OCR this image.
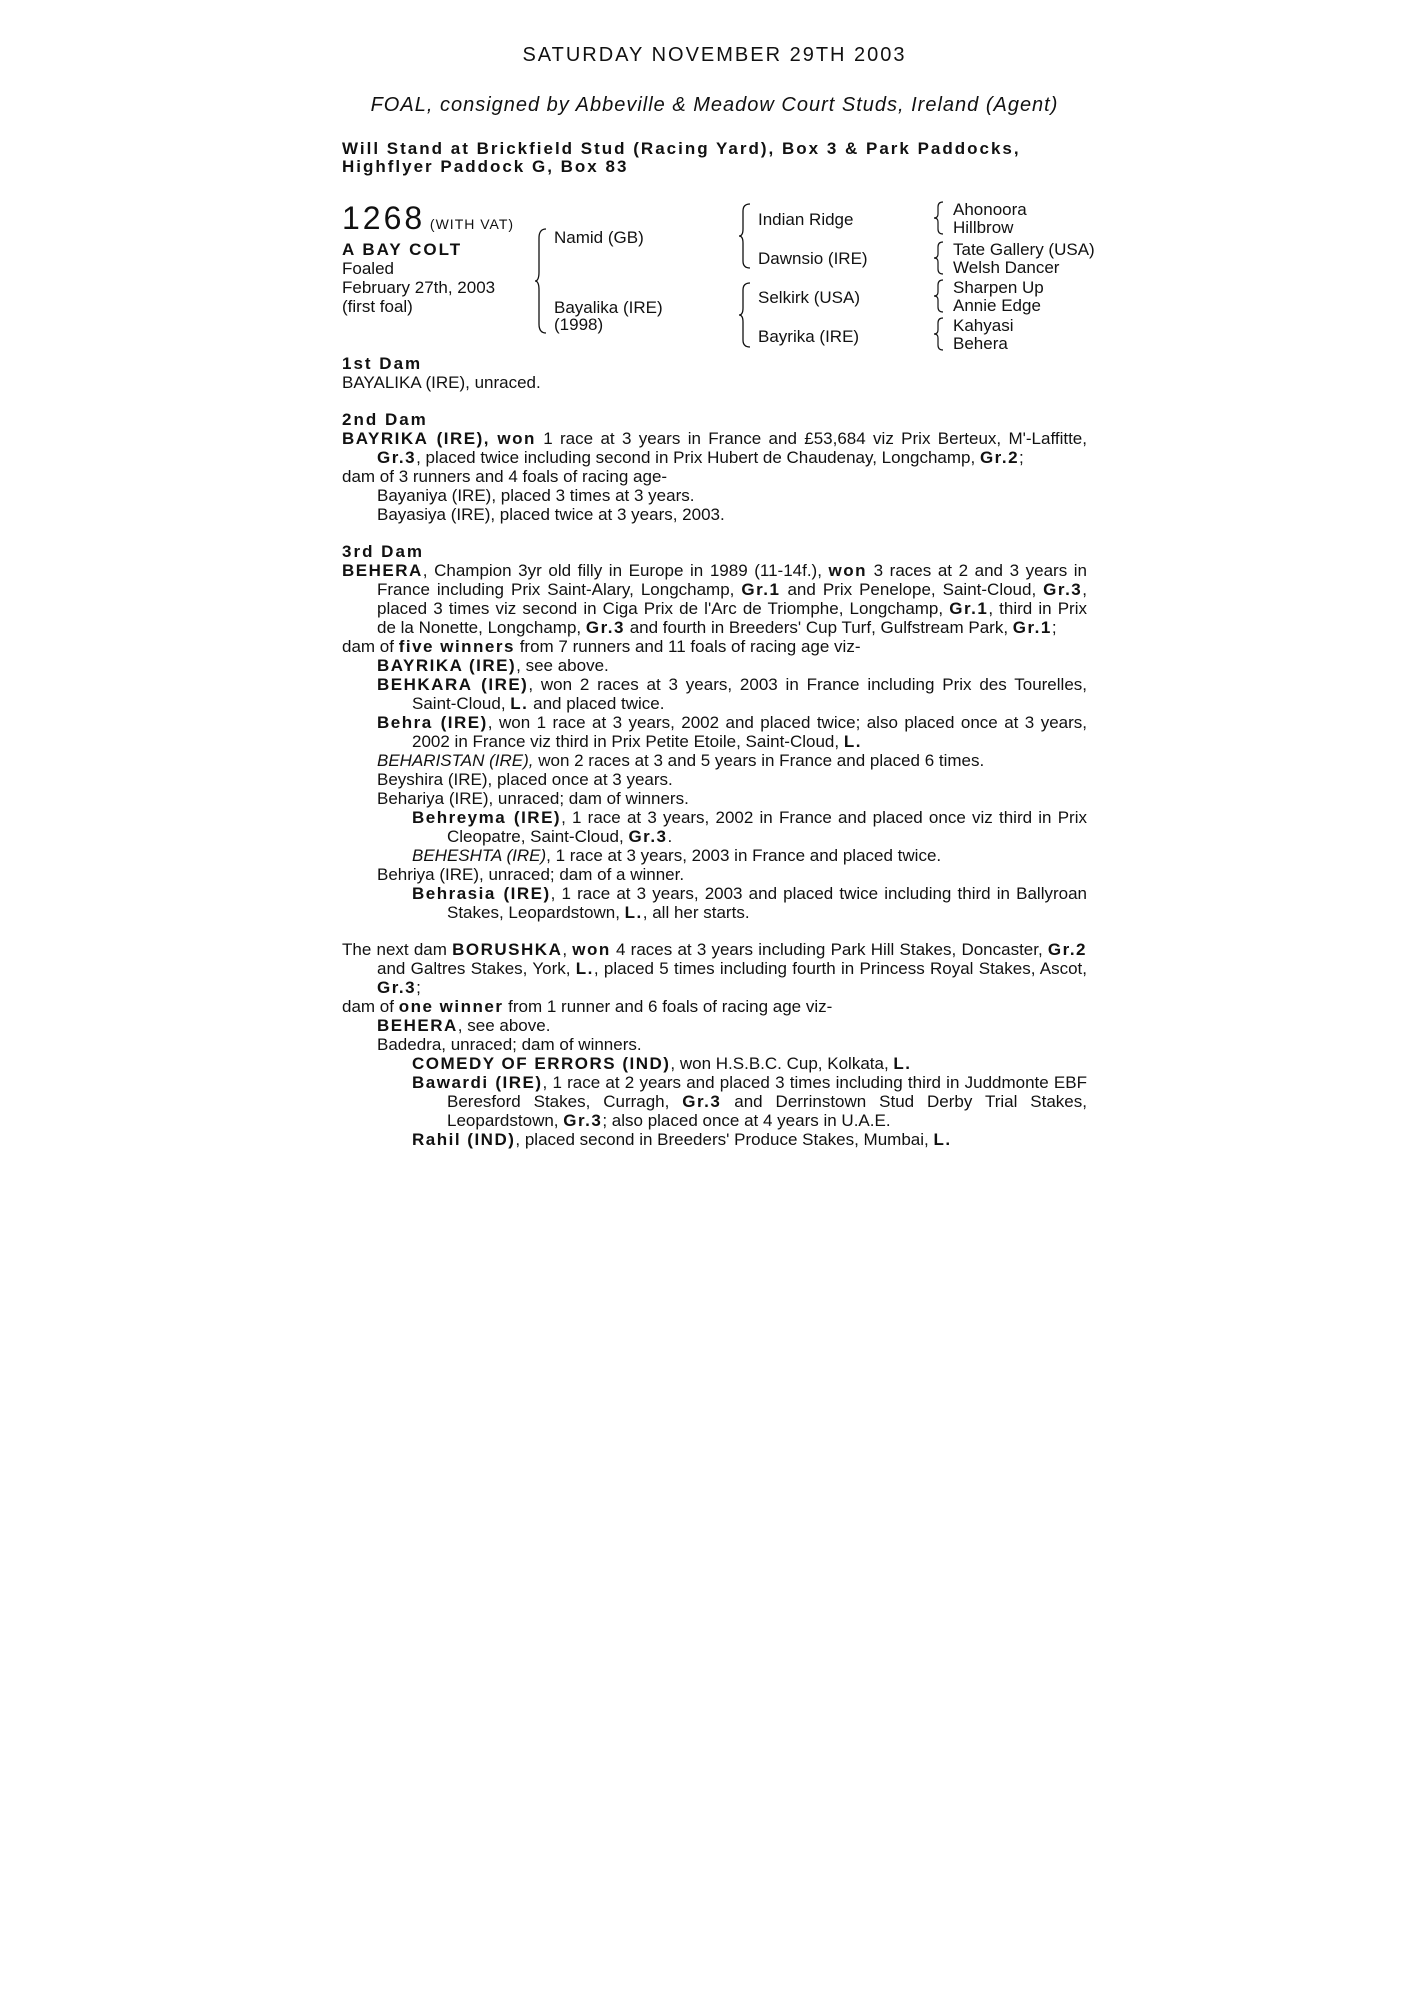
SATURDAY NOVEMBER 29TH 2003
FOAL, consigned by Abbeville & Meadow Court Studs, Ireland (Agent)
Will Stand at Brickfield Stud (Racing Yard), Box 3 & Park Paddocks,
Highflyer Paddock G, Box 83
1268 (WITH VAT)
A BAY COLT
Foaled
February 27th, 2003
(first foal)
Namid (GB)
Bayalika (IRE)
(1998)
Indian Ridge
Dawnsio (IRE)
Selkirk (USA)
Bayrika (IRE)
Ahonoora
Hillbrow
Tate Gallery (USA)
Welsh Dancer
Sharpen Up
Annie Edge
Kahyasi
Behera
1st Dam

BAYALIKA (IRE), unraced.

2nd Dam

BAYRIKA (IRE), won 1 race at 3 years in France and £53,684 viz Prix Berteux, M'-Laffitte, Gr.3, placed twice including second in Prix Hubert de Chaudenay, Longchamp, Gr.2;

dam of 3 runners and 4 foals of racing age-

Bayaniya (IRE), placed 3 times at 3 years.

Bayasiya (IRE), placed twice at 3 years, 2003.

3rd Dam

BEHERA, Champion 3yr old filly in Europe in 1989 (11-14f.), won 3 races at 2 and 3 years in France including Prix Saint-Alary, Longchamp, Gr.1 and Prix Penelope, Saint-Cloud, Gr.3, placed 3 times viz second in Ciga Prix de l'Arc de Triomphe, Longchamp, Gr.1, third in Prix de la Nonette, Longchamp, Gr.3 and fourth in Breeders' Cup Turf, Gulfstream Park, Gr.1;

dam of five winners from 7 runners and 11 foals of racing age viz-

BAYRIKA (IRE), see above.

BEHKARA (IRE), won 2 races at 3 years, 2003 in France including Prix des Tourelles, Saint-Cloud, L. and placed twice.

Behra (IRE), won 1 race at 3 years, 2002 and placed twice; also placed once at 3 years, 2002 in France viz third in Prix Petite Etoile, Saint-Cloud, L.

BEHARISTAN (IRE), won 2 races at 3 and 5 years in France and placed 6 times.

Beyshira (IRE), placed once at 3 years.

Behariya (IRE), unraced; dam of winners.

Behreyma (IRE), 1 race at 3 years, 2002 in France and placed once viz third in Prix Cleopatre, Saint-Cloud, Gr.3.

BEHESHTA (IRE), 1 race at 3 years, 2003 in France and placed twice.

Behriya (IRE), unraced; dam of a winner.

Behrasia (IRE), 1 race at 3 years, 2003 and placed twice including third in Ballyroan Stakes, Leopardstown, L., all her starts.

The next dam BORUSHKA, won 4 races at 3 years including Park Hill Stakes, Doncaster, Gr.2 and Galtres Stakes, York, L., placed 5 times including fourth in Princess Royal Stakes, Ascot, Gr.3;

dam of one winner from 1 runner and 6 foals of racing age viz-

BEHERA, see above.

Badedra, unraced; dam of winners.

COMEDY OF ERRORS (IND), won H.S.B.C. Cup, Kolkata, L.

Bawardi (IRE), 1 race at 2 years and placed 3 times including third in Juddmonte EBF Beresford Stakes, Curragh, Gr.3 and Derrinstown Stud Derby Trial Stakes, Leopardstown, Gr.3; also placed once at 4 years in U.A.E.

Rahil (IND), placed second in Breeders' Produce Stakes, Mumbai, L.
